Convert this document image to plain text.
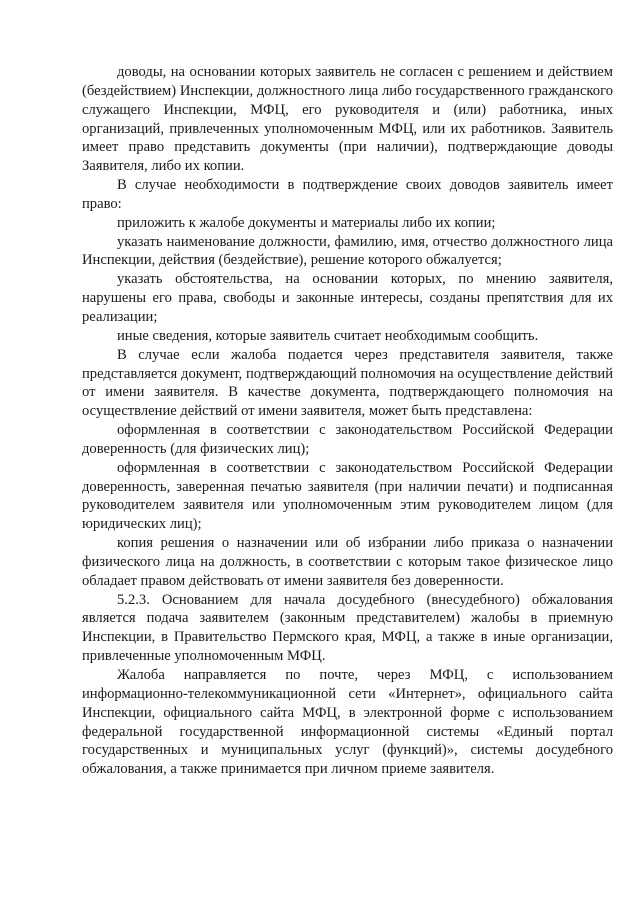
доводы, на основании которых заявитель не согласен с решением и действием (бездействием) Инспекции, должностного лица либо государственного гражданского служащего Инспекции, МФЦ, его руководителя и (или) работника, иных организаций, привлеченных уполномоченным МФЦ, или их работников. Заявитель имеет право представить документы (при наличии), подтверждающие доводы Заявителя, либо их копии.

В случае необходимости в подтверждение своих доводов заявитель имеет право:

приложить к жалобе документы и материалы либо их копии;

указать наименование должности, фамилию, имя, отчество должностного лица Инспекции, действия (бездействие), решение которого обжалуется;

указать обстоятельства, на основании которых, по мнению заявителя, нарушены его права, свободы и законные интересы, созданы препятствия для их реализации;

иные сведения, которые заявитель считает необходимым сообщить.

В случае если жалоба подается через представителя заявителя, также представляется документ, подтверждающий полномочия на осуществление действий от имени заявителя. В качестве документа, подтверждающего полномочия на осуществление действий от имени заявителя, может быть представлена:

оформленная в соответствии с законодательством Российской Федерации доверенность (для физических лиц);

оформленная в соответствии с законодательством Российской Федерации доверенность, заверенная печатью заявителя (при наличии печати) и подписанная руководителем заявителя или уполномоченным этим руководителем лицом (для юридических лиц);

копия решения о назначении или об избрании либо приказа о назначении физического лица на должность, в соответствии с которым такое физическое лицо обладает правом действовать от имени заявителя без доверенности.

5.2.3. Основанием для начала досудебного (внесудебного) обжалования является подача заявителем (законным представителем) жалобы в приемную Инспекции, в Правительство Пермского края, МФЦ, а также в иные организации, привлеченные уполномоченным МФЦ.

Жалоба направляется по почте, через МФЦ, с использованием информационно-телекоммуникационной сети «Интернет», официального сайта Инспекции, официального сайта МФЦ, в электронной форме с использованием федеральной государственной информационной системы «Единый портал государственных и муниципальных услуг (функций)», системы досудебного обжалования, а также принимается при личном приеме заявителя.
